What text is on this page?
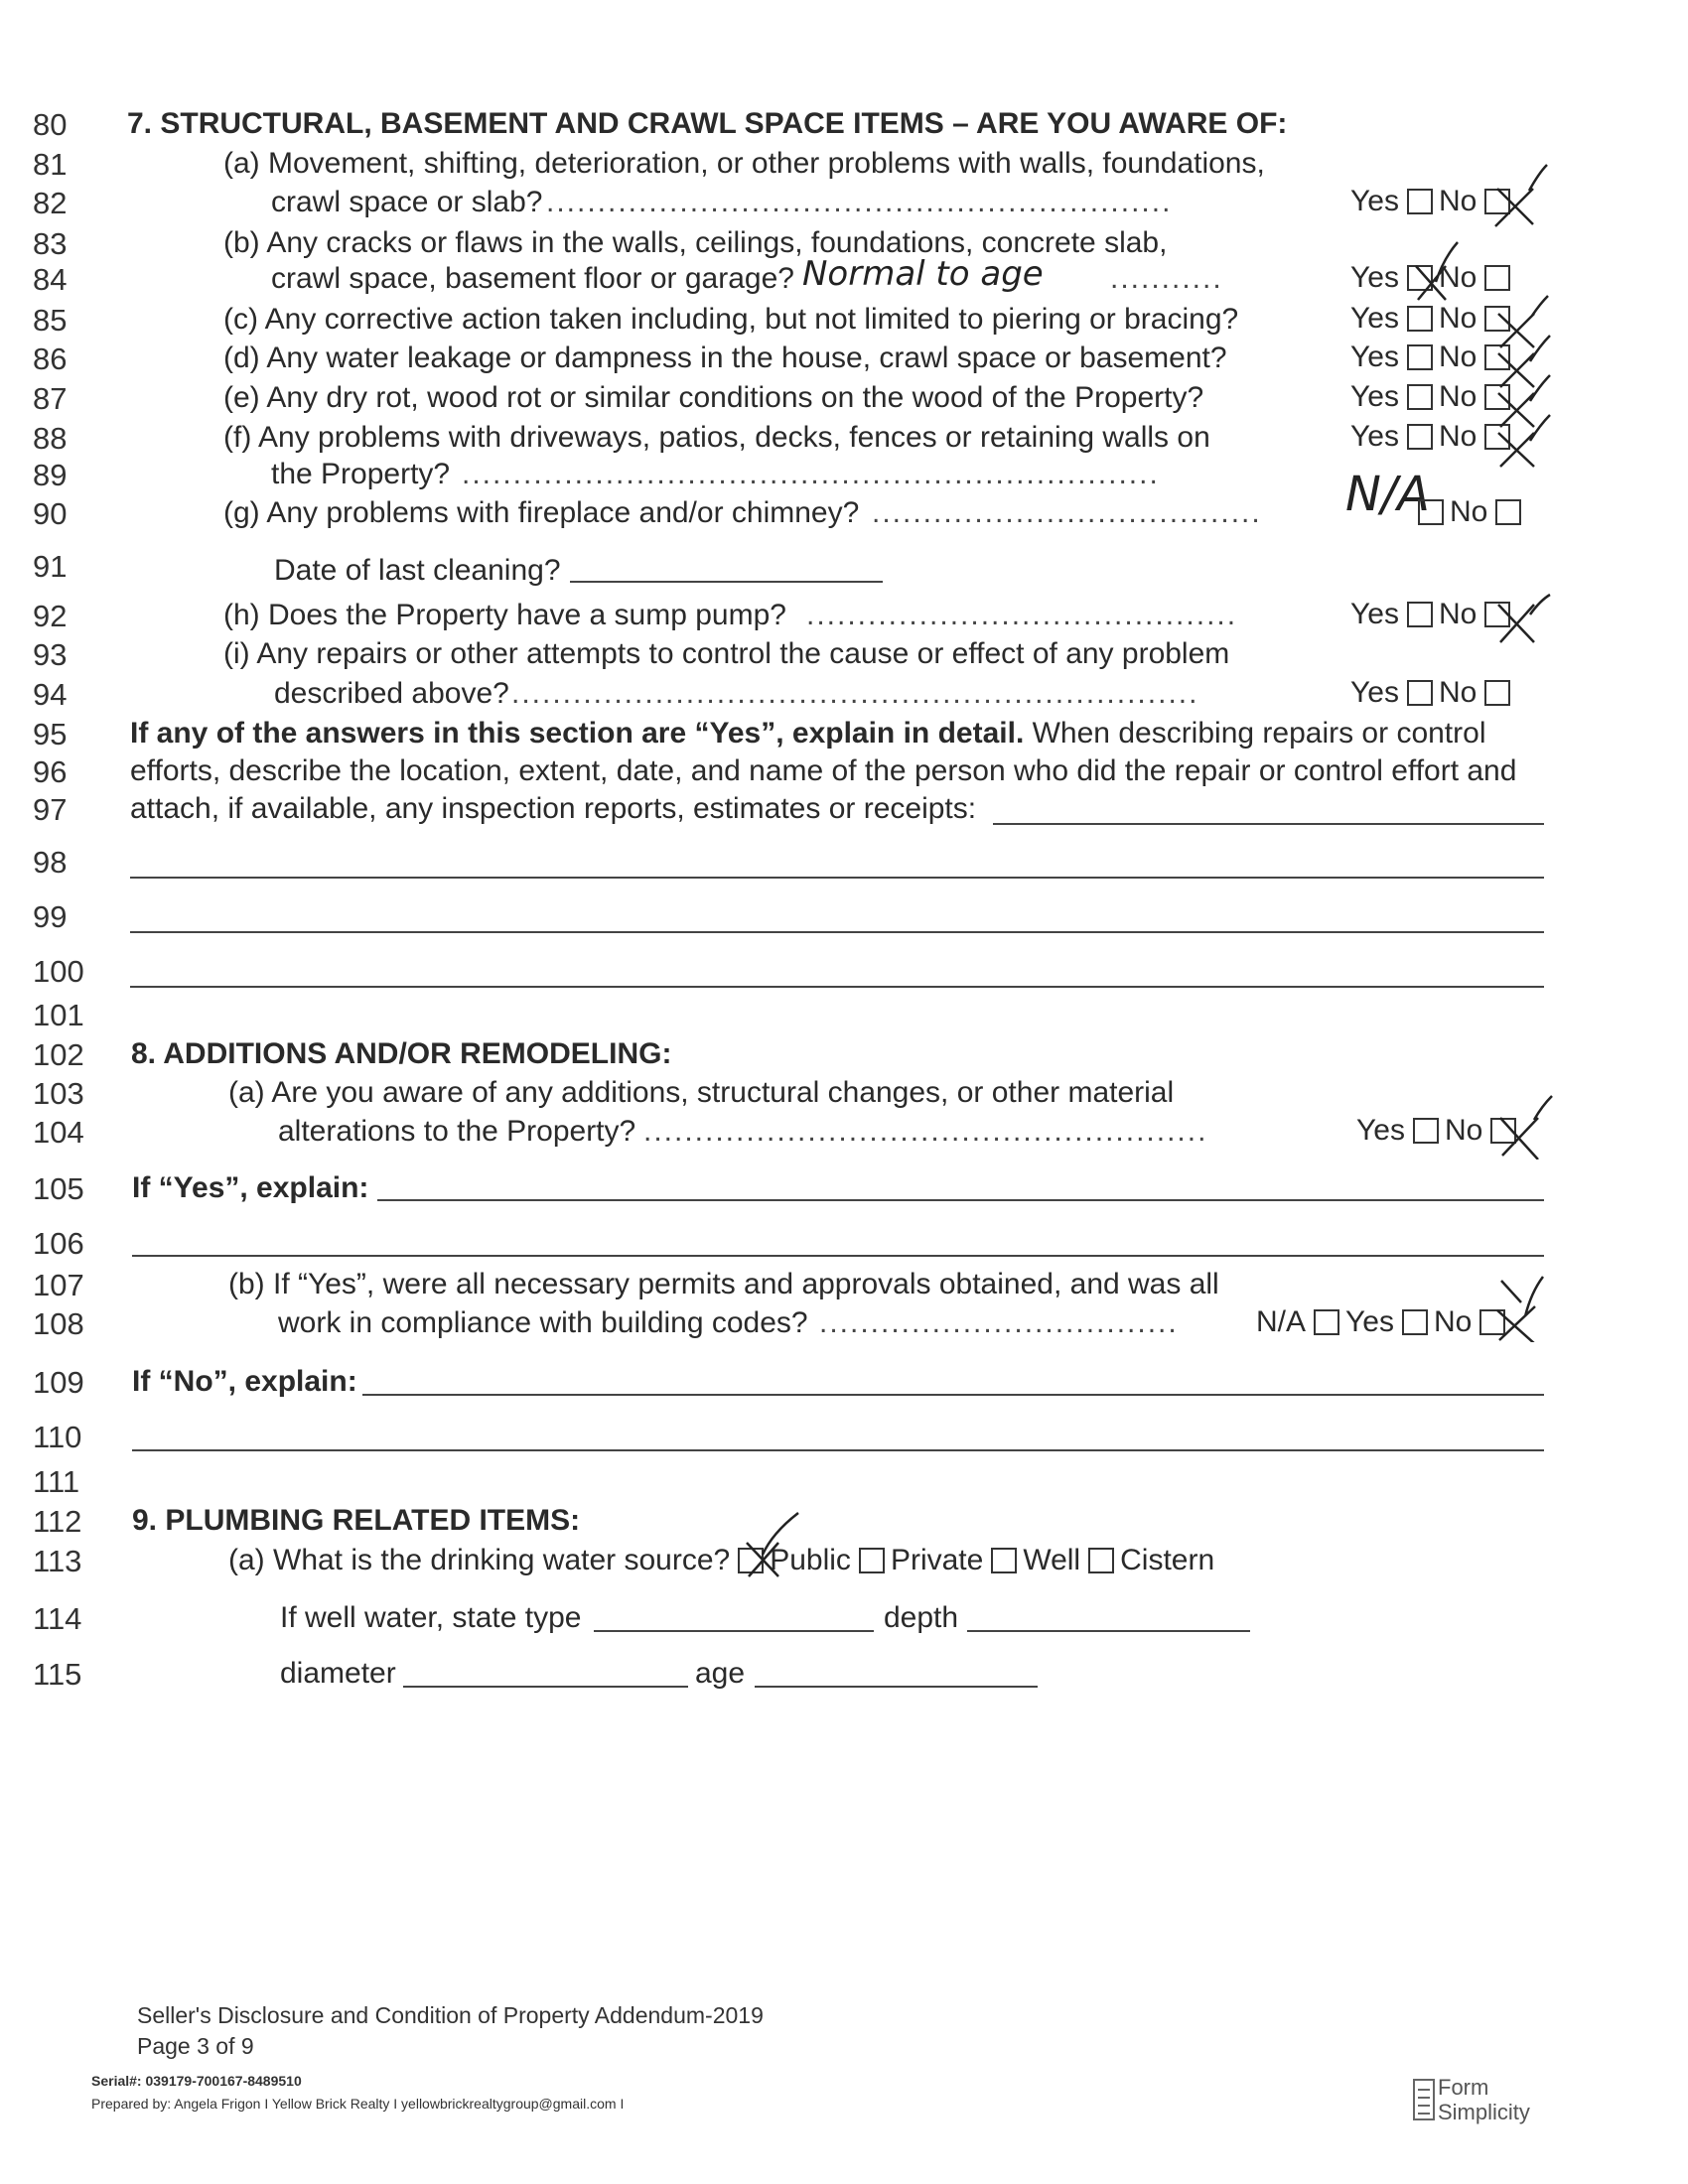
80
81
82
83
84
85
86
87
88
89
90
91
92
93
94
95
96
97
98
99
100
101
102
103
104
105
106
107
108
109
110
111
112
113
114
115
7. STRUCTURAL, BASEMENT AND CRAWL SPACE ITEMS – ARE YOU AWARE OF:
(a) Movement, shifting, deterioration, or other problems with walls, foundations,
crawl space or slab? .............................................................	Yes No
(b) Any cracks or flaws in the walls, ceilings, foundations, concrete slab,
crawl space, basement floor or garage? Normal to age ...........	Yes No
(c) Any corrective action taken including, but not limited to piering or bracing?	Yes No
(d) Any water leakage or dampness in the house, crawl space or basement?	Yes No
(e) Any dry rot, wood rot or similar conditions on the wood of the Property?	Yes No
(f) Any problems with driveways, patios, decks, fences or retaining walls on	Yes No
the Property? ....................................................................
(g) Any problems with fireplace and/or chimney? ......................................	N/A No
Date of last cleaning?
(h) Does the Property have a sump pump? ..........................................	Yes No
(i) Any repairs or other attempts to control the cause or effect of any problem
described above? ...................................................................	Yes No
If any of the answers in this section are “Yes”, explain in detail. When describing repairs or control
efforts, describe the location, extent, date, and name of the person who did the repair or control effort and
attach, if available, any inspection reports, estimates or receipts:
8. ADDITIONS AND/OR REMODELING:
(a) Are you aware of any additions, structural changes, or other material
alterations to the Property? .......................................................	Yes No
If “Yes”, explain:
(b) If “Yes”, were all necessary permits and approvals obtained, and was all
work in compliance with building codes? ...................................	N/A Yes No
If “No”, explain:
9. PLUMBING RELATED ITEMS:
(a) What is the drinking water source? Public Private Well Cistern
If well water, state type	depth
diameter	age
Seller's Disclosure and Condition of Property Addendum-2019
Page 3 of 9
Serial#: 039179-700167-8489510
Prepared by: Angela Frigon I Yellow Brick Realty I yellowbrickrealtygroup@gmail.com I
Form
Simplicity
